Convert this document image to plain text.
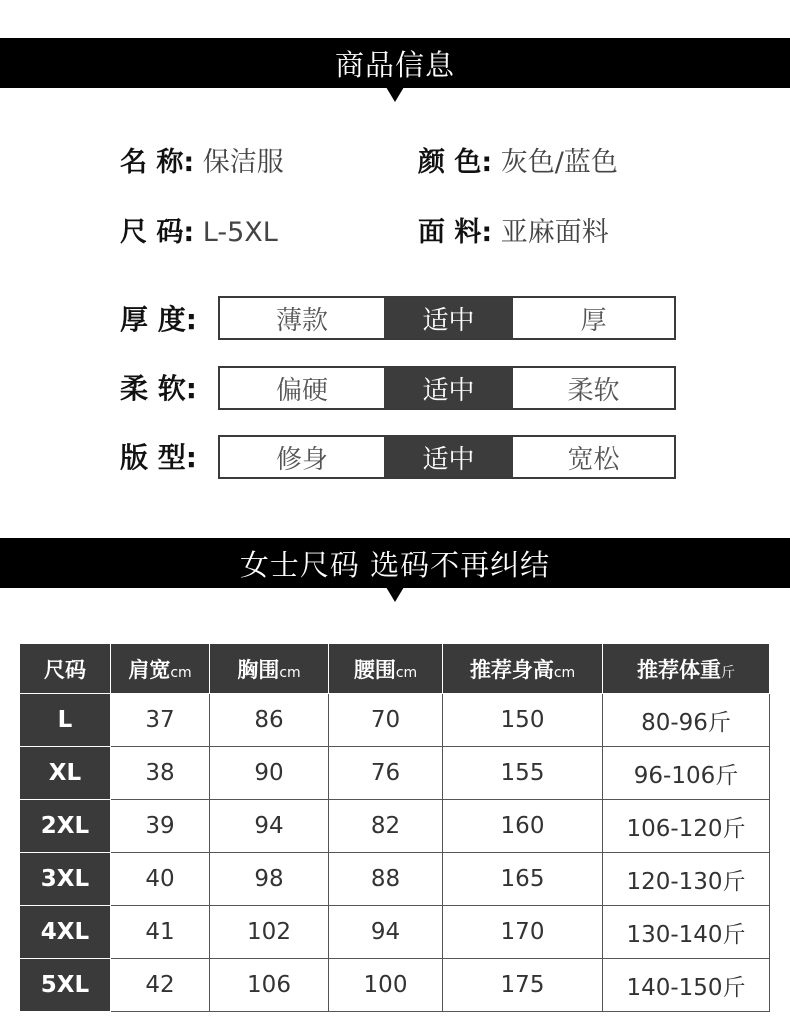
商品信息
名 称: 保洁服	颜 色: 灰色/蓝色
尺 码: L-5XL	面 料: 亚麻面料
厚 度:	薄款	适中	厚
柔 软:	偏硬	适中	柔软
版 型:	修身	适中	宽松
女士尺码 选码不再纠结
尺码	肩宽cm	胸围cm	腰围cm	推荐身高cm	推荐体重斤
L	37	86	70	150	80-96斤
XL	38	90	76	155	96-106斤
2XL	39	94	82	160	106-120斤
3XL	40	98	88	165	120-130斤
4XL	41	102	94	170	130-140斤
5XL	42	106	100	175	140-150斤
